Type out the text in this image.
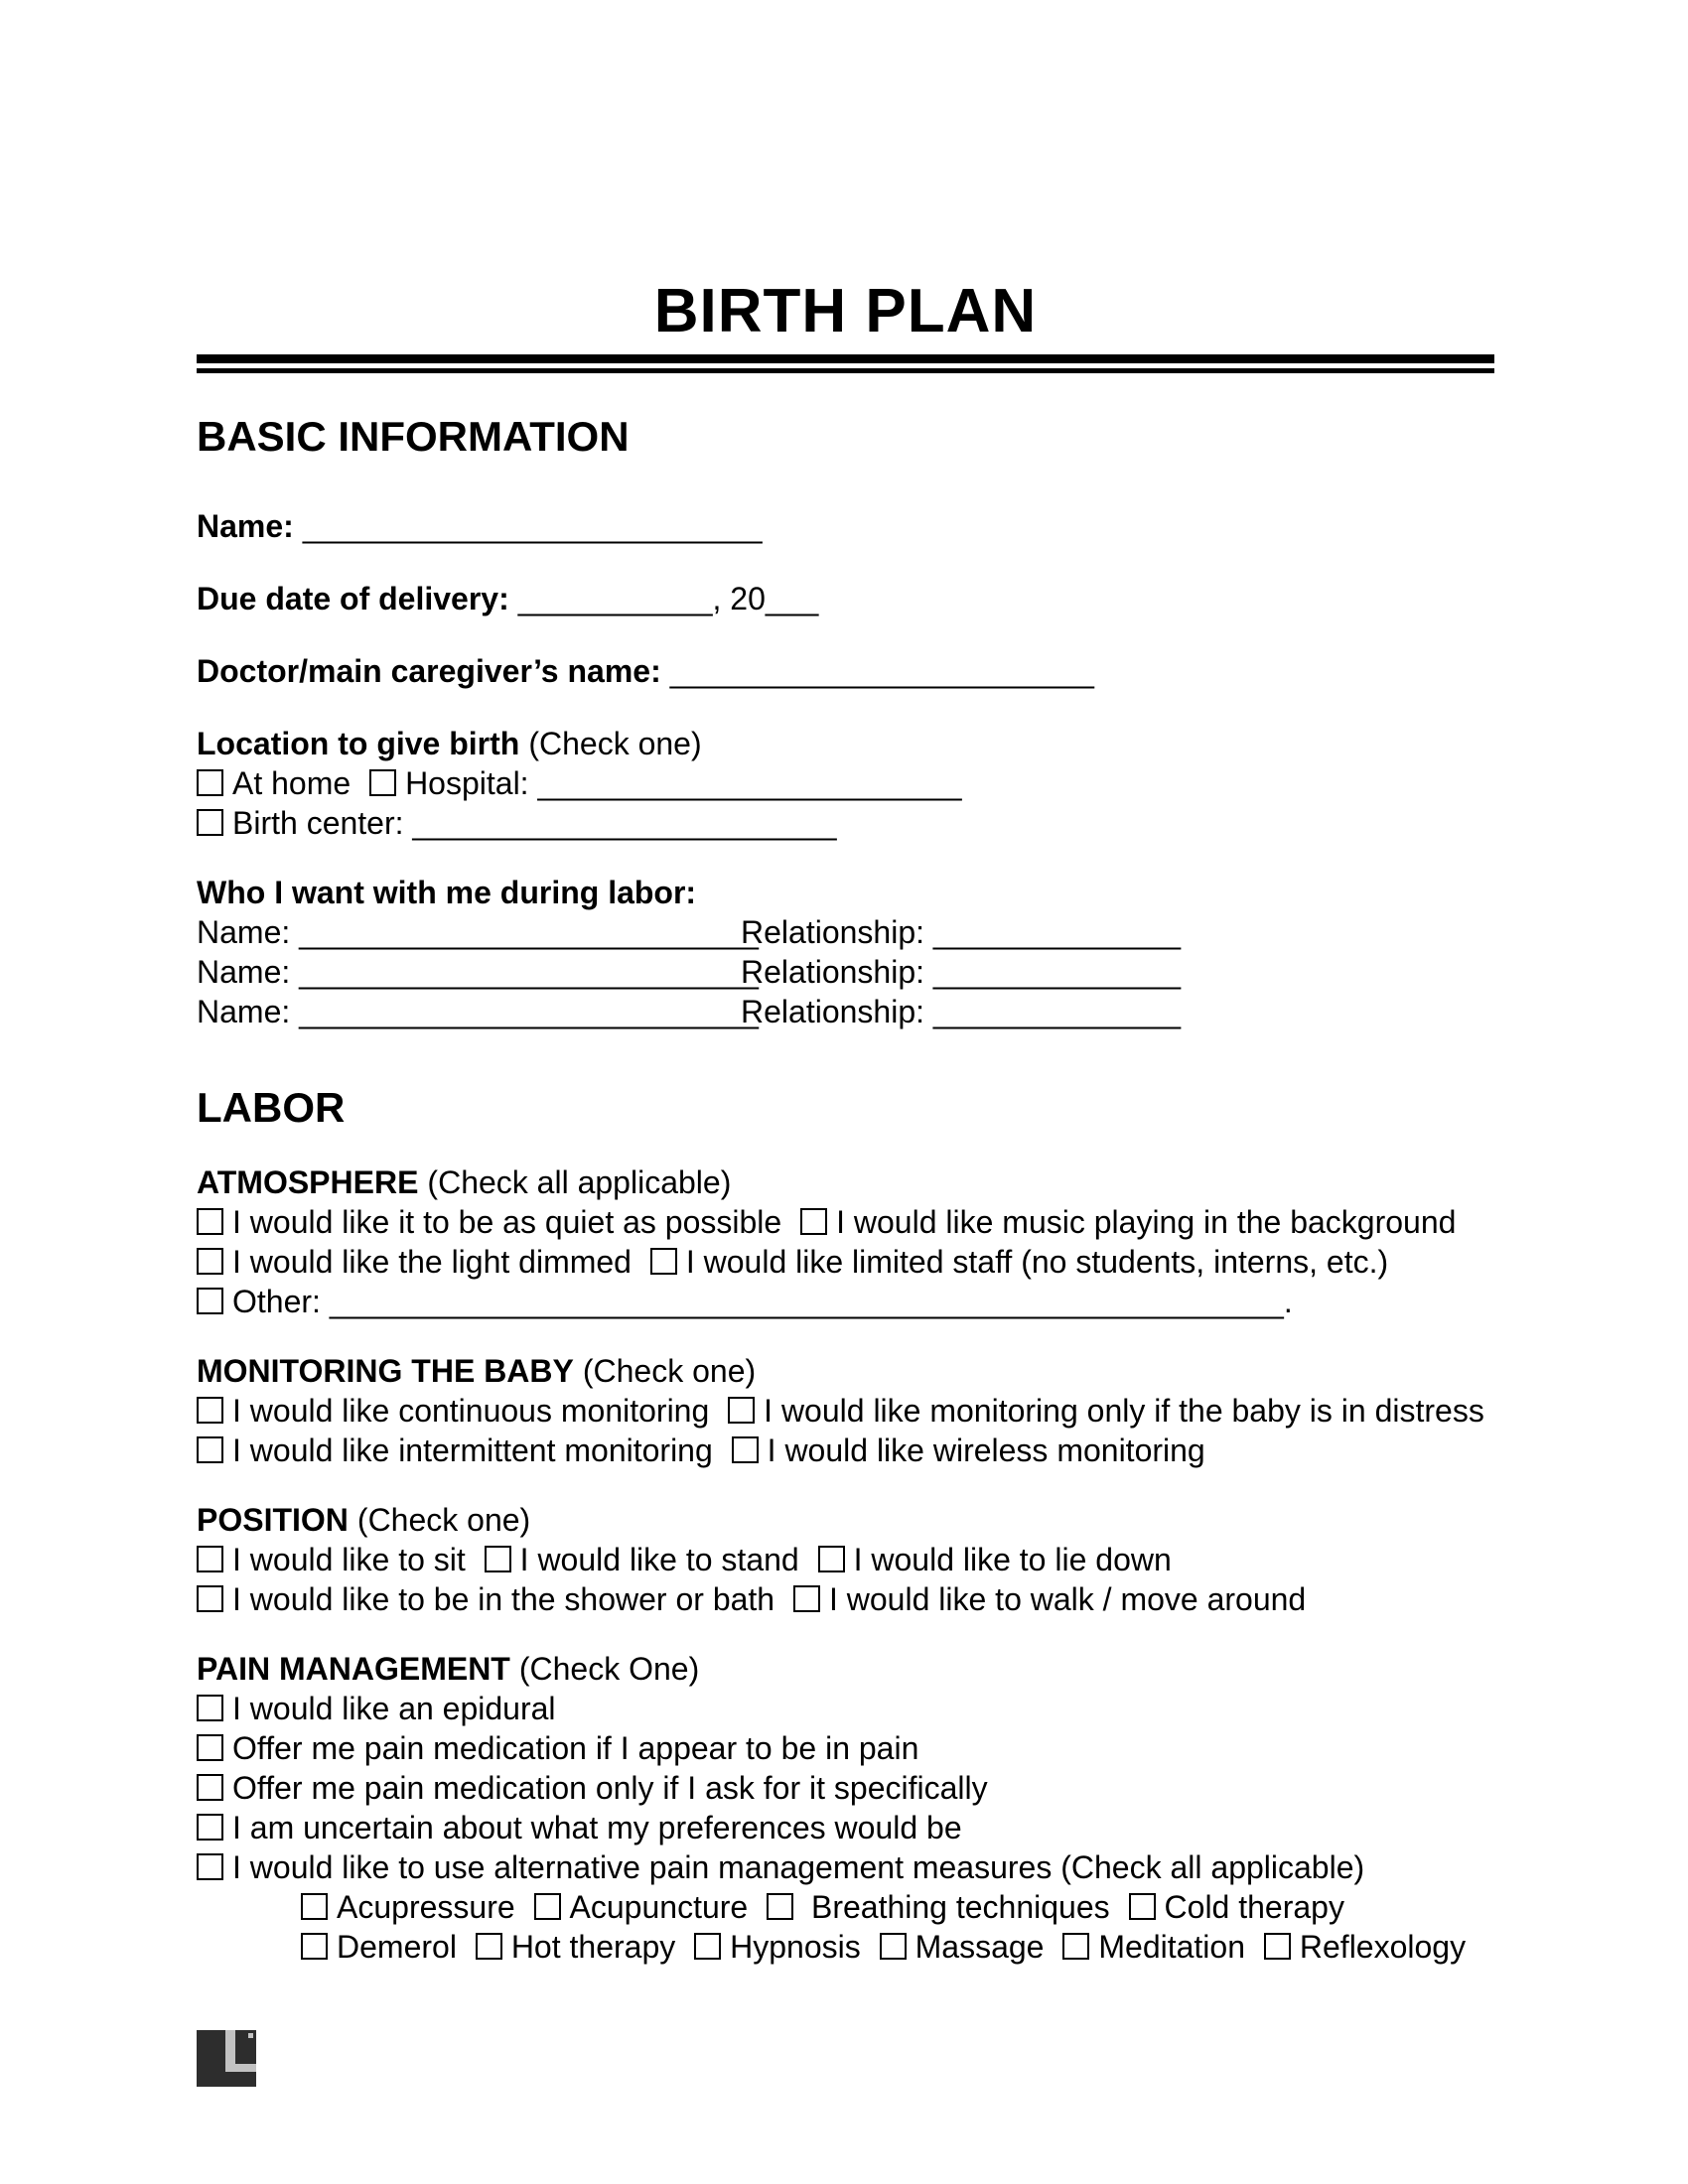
BIRTH PLAN
BASIC INFORMATION
Name: __________________________
Due date of delivery: ___________, 20___
Doctor/main caregiver’s name: ________________________
Location to give birth (Check one)
At home Hospital: ________________________
Birth center: ________________________
Who I want with me during labor:
Name: __________________________Relationship: ______________
Name: __________________________Relationship: ______________
Name: __________________________Relationship: ______________
LABOR
ATMOSPHERE (Check all applicable)
I would like it to be as quiet as possible I would like music playing in the background
I would like the light dimmed I would like limited staff (no students, interns, etc.)
Other: ______________________________________________________.
MONITORING THE BABY (Check one)
I would like continuous monitoring I would like monitoring only if the baby is in distress
I would like intermittent monitoring I would like wireless monitoring
POSITION (Check one)
I would like to sit I would like to stand I would like to lie down
I would like to be in the shower or bath I would like to walk / move around
PAIN MANAGEMENT (Check One)
I would like an epidural
Offer me pain medication if I appear to be in pain
Offer me pain medication only if I ask for it specifically
I am uncertain about what my preferences would be
I would like to use alternative pain management measures (Check all applicable)
Acupressure Acupuncture  Breathing techniques Cold therapy
Demerol Hot therapy Hypnosis Massage Meditation Reflexology
